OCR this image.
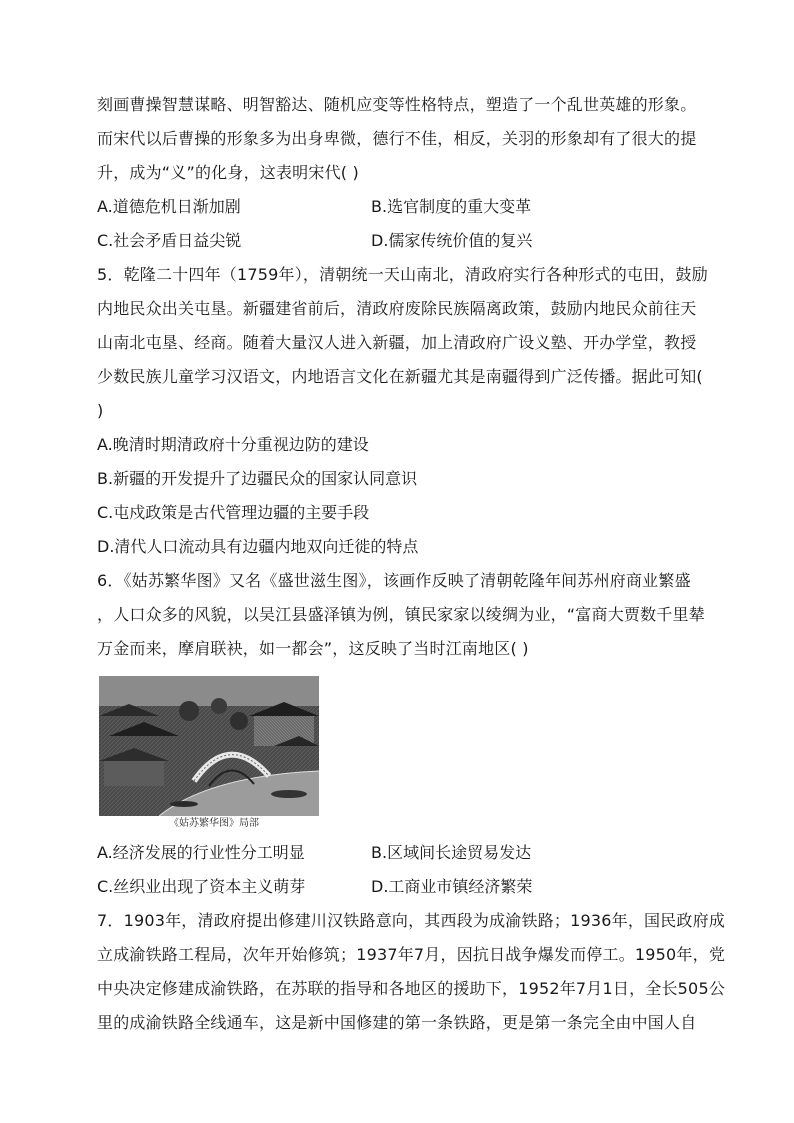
刻画曹操智慧谋略、明智豁达、随机应变等性格特点，塑造了一个乱世英雄的形象。
而宋代以后曹操的形象多为出身卑微，德行不佳，相反，关羽的形象却有了很大的提
升，成为“义”的化身，这表明宋代( )
A.道德危机日渐加剧	B.选官制度的重大变革
C.社会矛盾日益尖锐	D.儒家传统价值的复兴
5．乾隆二十四年（1759年），清朝统一天山南北，清政府实行各种形式的屯田，鼓励
内地民众出关屯垦。新疆建省前后，清政府废除民族隔离政策，鼓励内地民众前往天
山南北屯垦、经商。随着大量汉人进入新疆，加上清政府广设义塾、开办学堂，教授
少数民族儿童学习汉语文，内地语言文化在新疆尤其是南疆得到广泛传播。据此可知(
)
A.晚清时期清政府十分重视边防的建设
B.新疆的开发提升了边疆民众的国家认同意识
C.屯戍政策是古代管理边疆的主要手段
D.清代人口流动具有边疆内地双向迁徙的特点
6．《姑苏繁华图》又名《盛世滋生图》，该画作反映了清朝乾隆年间苏州府商业繁盛
，人口众多的风貌，以吴江县盛泽镇为例，镇民家家以绫绸为业，“富商大贾数千里辇
万金而来，摩肩联袂，如一都会”，这反映了当时江南地区( )
《姑苏繁华图》局部
A.经济发展的行业性分工明显	B.区域间长途贸易发达
C.丝织业出现了资本主义萌芽	D.工商业市镇经济繁荣
7．1903年，清政府提出修建川汉铁路意向，其西段为成渝铁路；1936年，国民政府成
立成渝铁路工程局，次年开始修筑；1937年7月，因抗日战争爆发而停工。1950年，党
中央决定修建成渝铁路，在苏联的指导和各地区的援助下，1952年7月1日，全长505公
里的成渝铁路全线通车，这是新中国修建的第一条铁路，更是第一条完全由中国人自
